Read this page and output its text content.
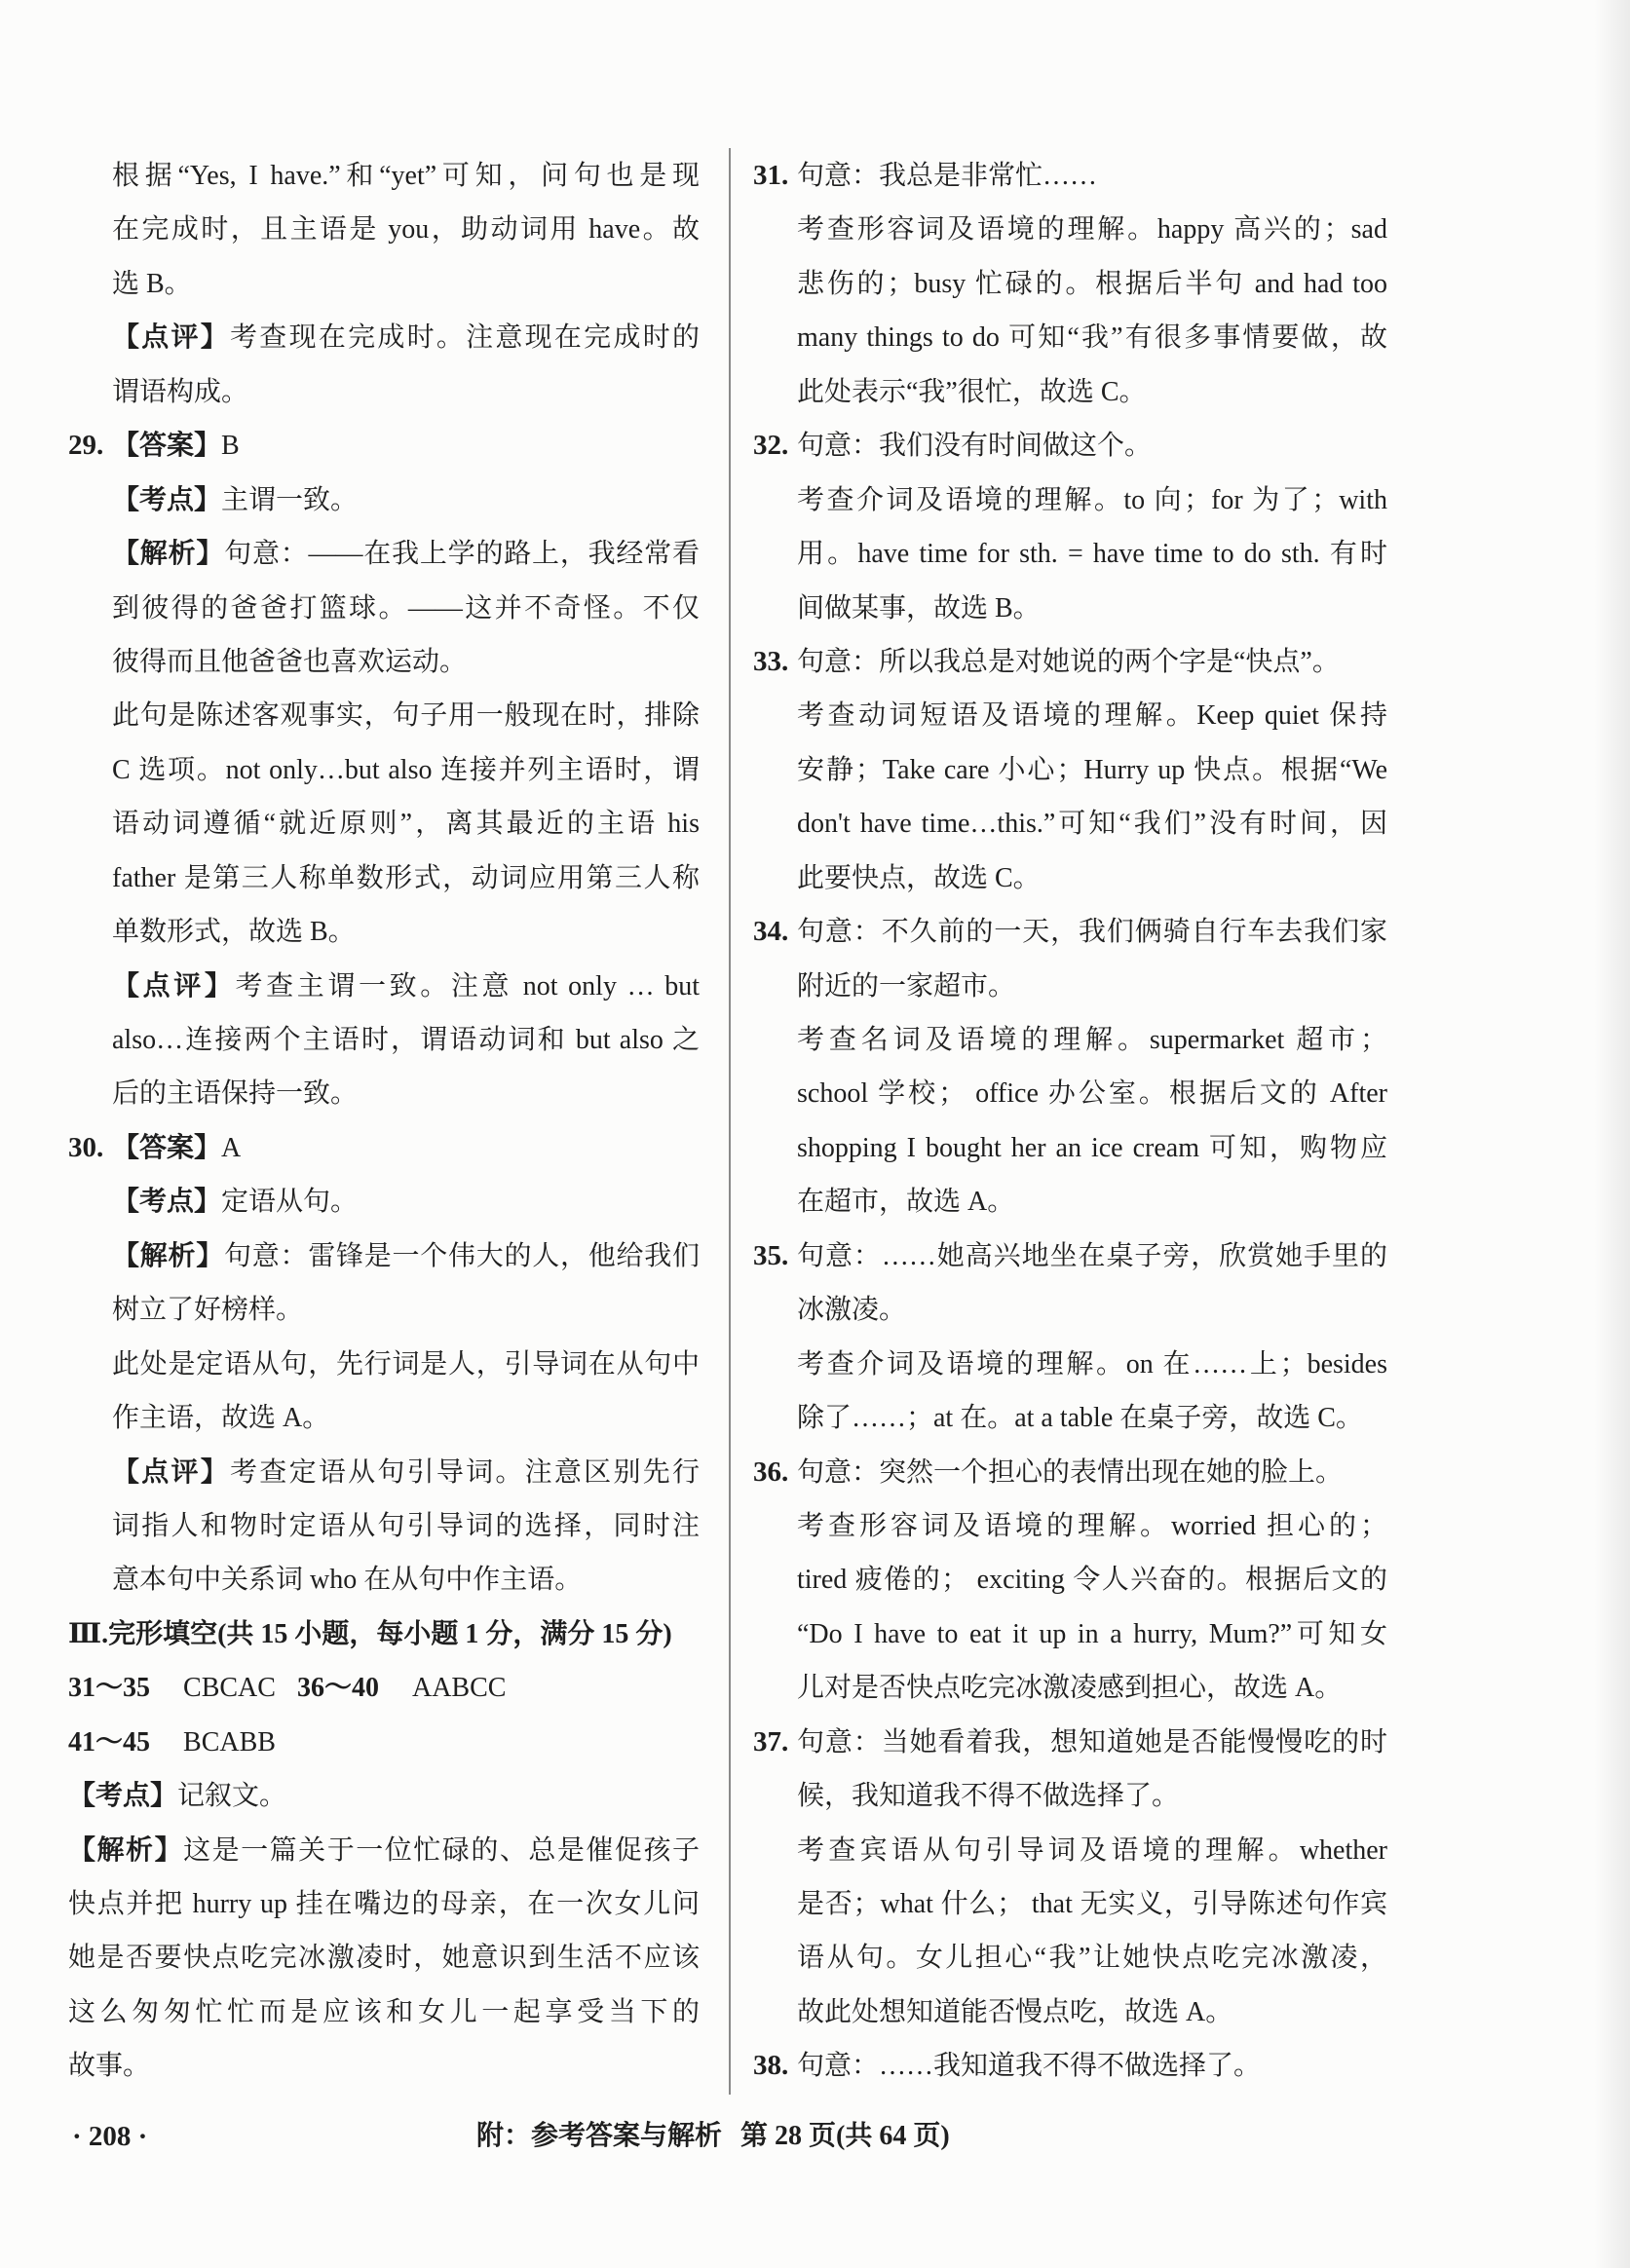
根据“Yes, I have.”和“yet”可知，问句也是现
在完成时，且主语是 you，助动词用 have。故
选 B。
【点评】考查现在完成时。注意现在完成时的
谓语构成。
29. 【答案】B
【考点】主谓一致。
【解析】句意：——在我上学的路上，我经常看
到彼得的爸爸打篮球。——这并不奇怪。不仅
彼得而且他爸爸也喜欢运动。
此句是陈述客观事实，句子用一般现在时，排除
C 选项。not only…but also 连接并列主语时，谓
语动词遵循“就近原则”，离其最近的主语 his
father 是第三人称单数形式，动词应用第三人称
单数形式，故选 B。
【点评】考查主谓一致。注意 not only … but
also…连接两个主语时，谓语动词和 but also 之
后的主语保持一致。
30. 【答案】A
【考点】定语从句。
【解析】句意：雷锋是一个伟大的人，他给我们
树立了好榜样。
此处是定语从句，先行词是人，引导词在从句中
作主语，故选 A。
【点评】考查定语从句引导词。注意区别先行
词指人和物时定语从句引导词的选择，同时注
意本句中关系词 who 在从句中作主语。
Ⅲ.完形填空(共 15 小题，每小题 1 分，满分 15 分)
31～35 CBCAC 36～40 AABCC
41～45 BCABB
【考点】记叙文。
【解析】这是一篇关于一位忙碌的、总是催促孩子
快点并把 hurry up 挂在嘴边的母亲，在一次女儿问
她是否要快点吃完冰激凌时，她意识到生活不应该
这么匆匆忙忙而是应该和女儿一起享受当下的
故事。
31. 句意：我总是非常忙……
考查形容词及语境的理解。happy 高兴的；sad
悲伤的；busy 忙碌的。根据后半句 and had too
many things to do 可知“我”有很多事情要做，故
此处表示“我”很忙，故选 C。
32. 句意：我们没有时间做这个。
考查介词及语境的理解。to 向；for 为了；with
用。have time for sth. = have time to do sth. 有时
间做某事，故选 B。
33. 句意：所以我总是对她说的两个字是“快点”。
考查动词短语及语境的理解。Keep quiet 保持
安静；Take care 小心；Hurry up 快点。根据“We
don't have time…this.”可知“我们”没有时间，因
此要快点，故选 C。
34. 句意：不久前的一天，我们俩骑自行车去我们家
附近的一家超市。
考查名词及语境的理解。supermarket 超市；
school 学校； office 办公室。根据后文的 After
shopping I bought her an ice cream 可知，购物应
在超市，故选 A。
35. 句意：……她高兴地坐在桌子旁，欣赏她手里的
冰激凌。
考查介词及语境的理解。on 在……上；besides
除了……；at 在。at a table 在桌子旁，故选 C。
36. 句意：突然一个担心的表情出现在她的脸上。
考查形容词及语境的理解。worried 担心的；
tired 疲倦的； exciting 令人兴奋的。根据后文的
“Do I have to eat it up in a hurry, Mum?”可知女
儿对是否快点吃完冰激凌感到担心，故选 A。
37. 句意：当她看着我，想知道她是否能慢慢吃的时
候，我知道我不得不做选择了。
考查宾语从句引导词及语境的理解。whether
是否；what 什么； that 无实义，引导陈述句作宾
语从句。女儿担心“我”让她快点吃完冰激凌，
故此处想知道能否慢点吃，故选 A。
38. 句意：……我知道我不得不做选择了。
· 208 ·	附：参考答案与解析 第 28 页(共 64 页)
